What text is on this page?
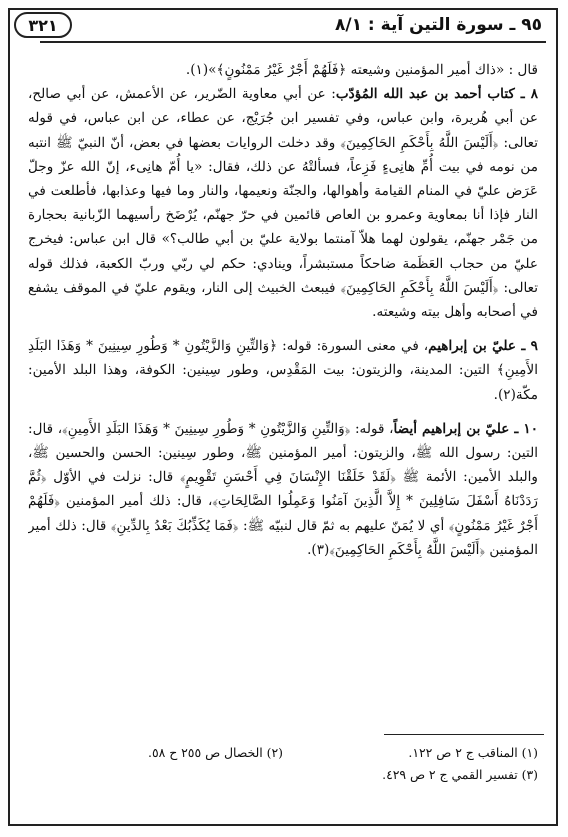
٩٥ ـ سورة التين آية : ٨/١
٣٢١

قال : «ذاك أمير المؤمنين وشيعته ﴿فَلَهُمْ أَجْرٌ غَيْرُ مَمْنُونٍ﴾»(١).

٨ ـ كتاب أحمد بن عبد الله المُؤدّب: عن أبي معاوية الضّرير، عن الأعمش، عن أبي صالح، عن أبي هُريرة، وابن عباس، وفي تفسير ابن جُرَيْج، عن عطاء، عن ابن عباس، في قوله تعالى: ﴿أَلَيْسَ اللَّهُ بِأَحْكَمِ الحَاكِمِينَ﴾ وقد دخلت الروايات بعضها في بعض، أنّ النبيّ ﷺ انتبه من نومه في بيت أُمِّ هانِىءٍ فَزِعاً، فسألتْهُ عن ذلك، فقال: «يا أُمّ هانِىء، إنّ الله عزّ وجلّ عَرَض عليّ في المنام القيامة وأهوالها، والجنّة ونعيمها، والنار وما فيها وعذابها، فأطلعت في النار فإذا أنا بمعاوية وعمرو بن العاص قائمين في حرّ جهنّم، يُرْضَخ رأسيهما الزّبانية بحجارة من جَمْر جهنّم، يقولون لهما هلاّ آمنتما بولاية عليّ بن أبي طالب؟» قال ابن عباس: فيخرج عليّ من حجاب العَظَمة ضاحكاً مستبشراً، وينادي: حكم لي ربّي وربّ الكعبة، فذلك قوله تعالى: ﴿أَلَيْسَ اللَّهُ بِأَحْكَمِ الحَاكِمِينَ﴾ فيبعث الخبيث إلى النار، ويقوم عليّ في الموقف يشفع في أصحابه وأهل بيته وشيعته.

٩ ـ عليّ بن إبراهيم، في معنى السورة: قوله: ﴿وَالتِّينِ وَالزَّيْتُونِ * وَطُورِ سِينِينَ * وَهَذَا البَلَدِ الأَمِينِ﴾ التين: المدينة، والزيتون: بيت المَقْدِس، وطور سِينين: الكوفة، وهذا البلد الأمين: مكّة(٢).

١٠ ـ عليّ بن إبراهيم أيضاً، قوله: ﴿وَالتِّينِ وَالزَّيْتُونِ * وَطُورِ سِينِينَ * وَهَذَا البَلَدِ الأَمِينِ﴾، قال: التين: رسول الله ﷺ، والزيتون: أمير المؤمنين ﷺ، وطور سِينين: الحسن والحسين ﷺ، والبلد الأمين: الأئمة ﷺ ﴿لَقَدْ خَلَقْنَا الإِنْسَانَ فِي أَحْسَنِ تَقْوِيمٍ﴾ قال: نزلت في الأوّل ﴿ثُمَّ رَدَدْنَاهُ أَسْفَلَ سَافِلِينَ * إِلاَّ الَّذِينَ آمَنُوا وَعَمِلُوا الصَّالِحَاتِ﴾، قال: ذلك أمير المؤمنين ﴿فَلَهُمْ أَجْرٌ غَيْرُ مَمْنُونٍ﴾ أي لا يُمَنّ عليهم به ثمّ قال لنبيّه ﷺ: ﴿فَمَا يُكَذِّبُكَ بَعْدُ بِالدِّينِ﴾ قال: ذلك أمير المؤمنين ﴿أَلَيْسَ اللَّهُ بِأَحْكَمِ الحَاكِمِينَ﴾(٣).

(١) المناقب ج ٢ ص ١٢٢.
(٣) تفسير القمي ج ٢ ص ٤٢٩.
(٢) الخصال ص ٢٥٥ ح ٥٨.
